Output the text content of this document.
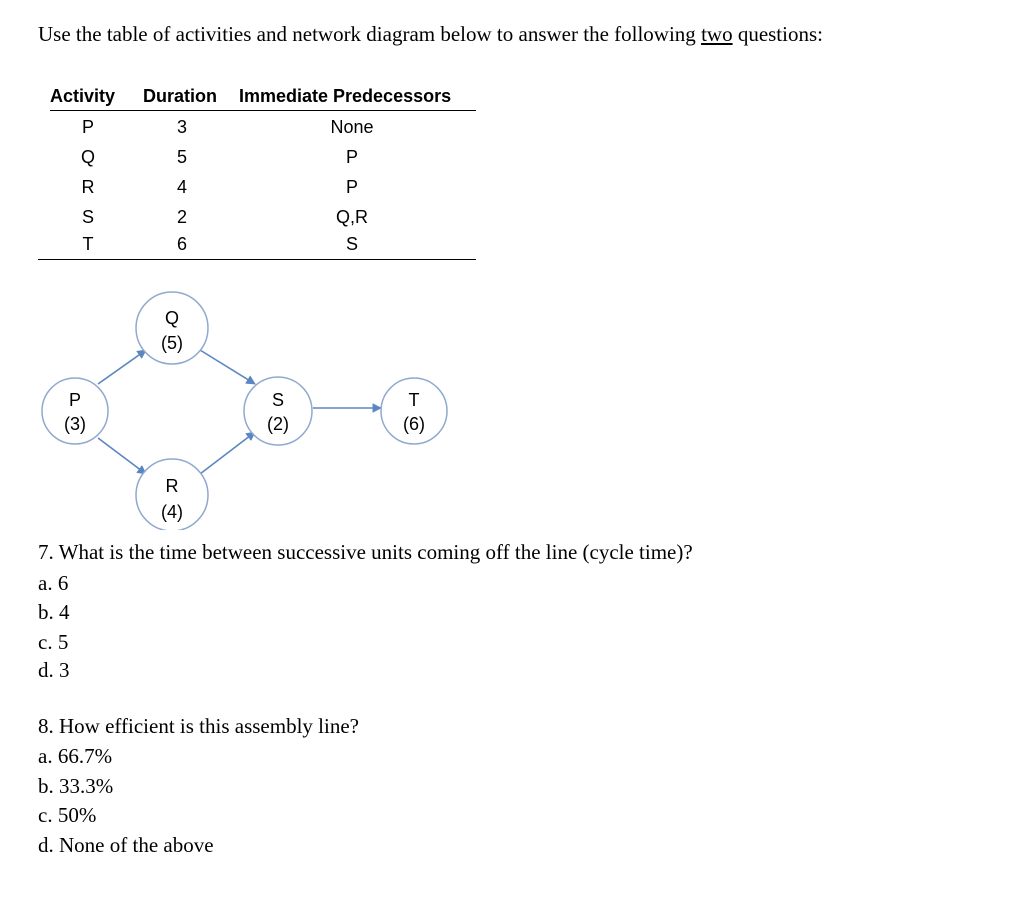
Use the table of activities and network diagram below to answer the following two questions:
Activity Duration Immediate Predecessors
P	3	None
Q	5	P
R	4	P
S	2	Q,R
T	6	S
P
(3)
Q
(5)
R
(4)
S
(2)
T
(6)
7. What is the time between successive units coming off the line (cycle time)?
a. 6
b. 4
c. 5
d. 3
8. How efficient is this assembly line?
a. 66.7%
b. 33.3%
c. 50%
d. None of the above
